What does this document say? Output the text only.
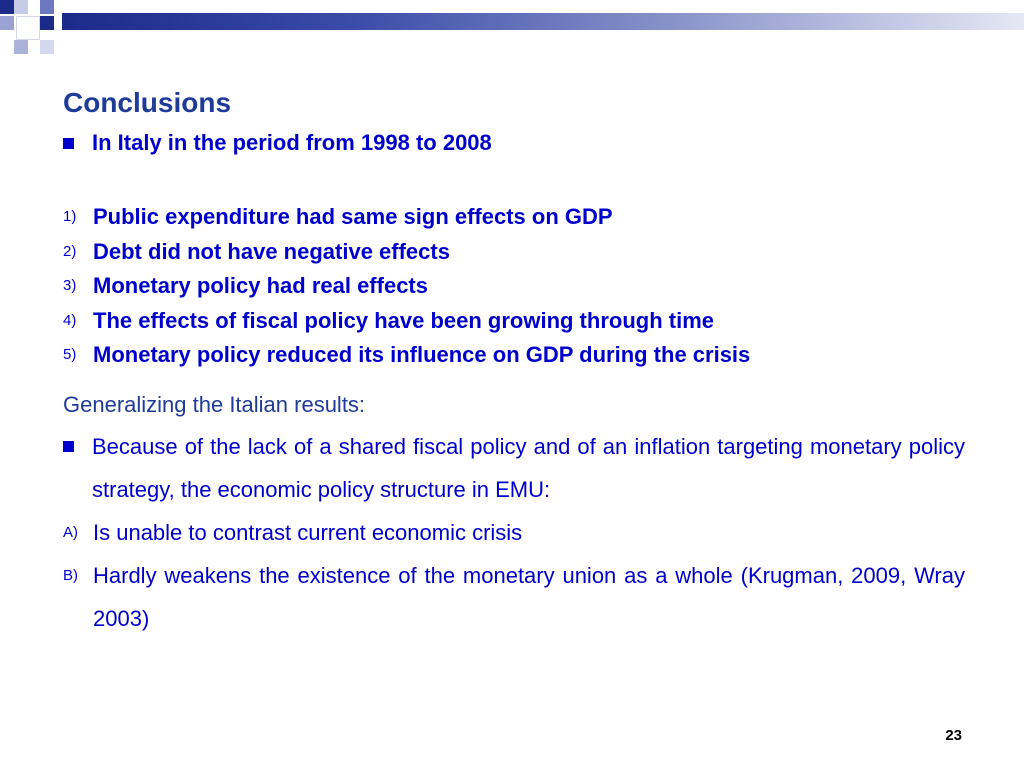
Conclusions
In Italy in the period from 1998 to 2008
1) Public expenditure had same sign effects on GDP
2) Debt did not have negative effects
3) Monetary policy had real effects
4) The effects of fiscal policy have been growing through time
5) Monetary policy reduced its influence on GDP during the crisis
Generalizing the Italian results:
Because of the lack of a shared fiscal policy and of an inflation targeting monetary policy strategy, the economic policy structure in EMU:
A) Is unable to contrast current economic crisis
B) Hardly weakens the existence of the monetary union as a whole (Krugman, 2009, Wray 2003)
23
